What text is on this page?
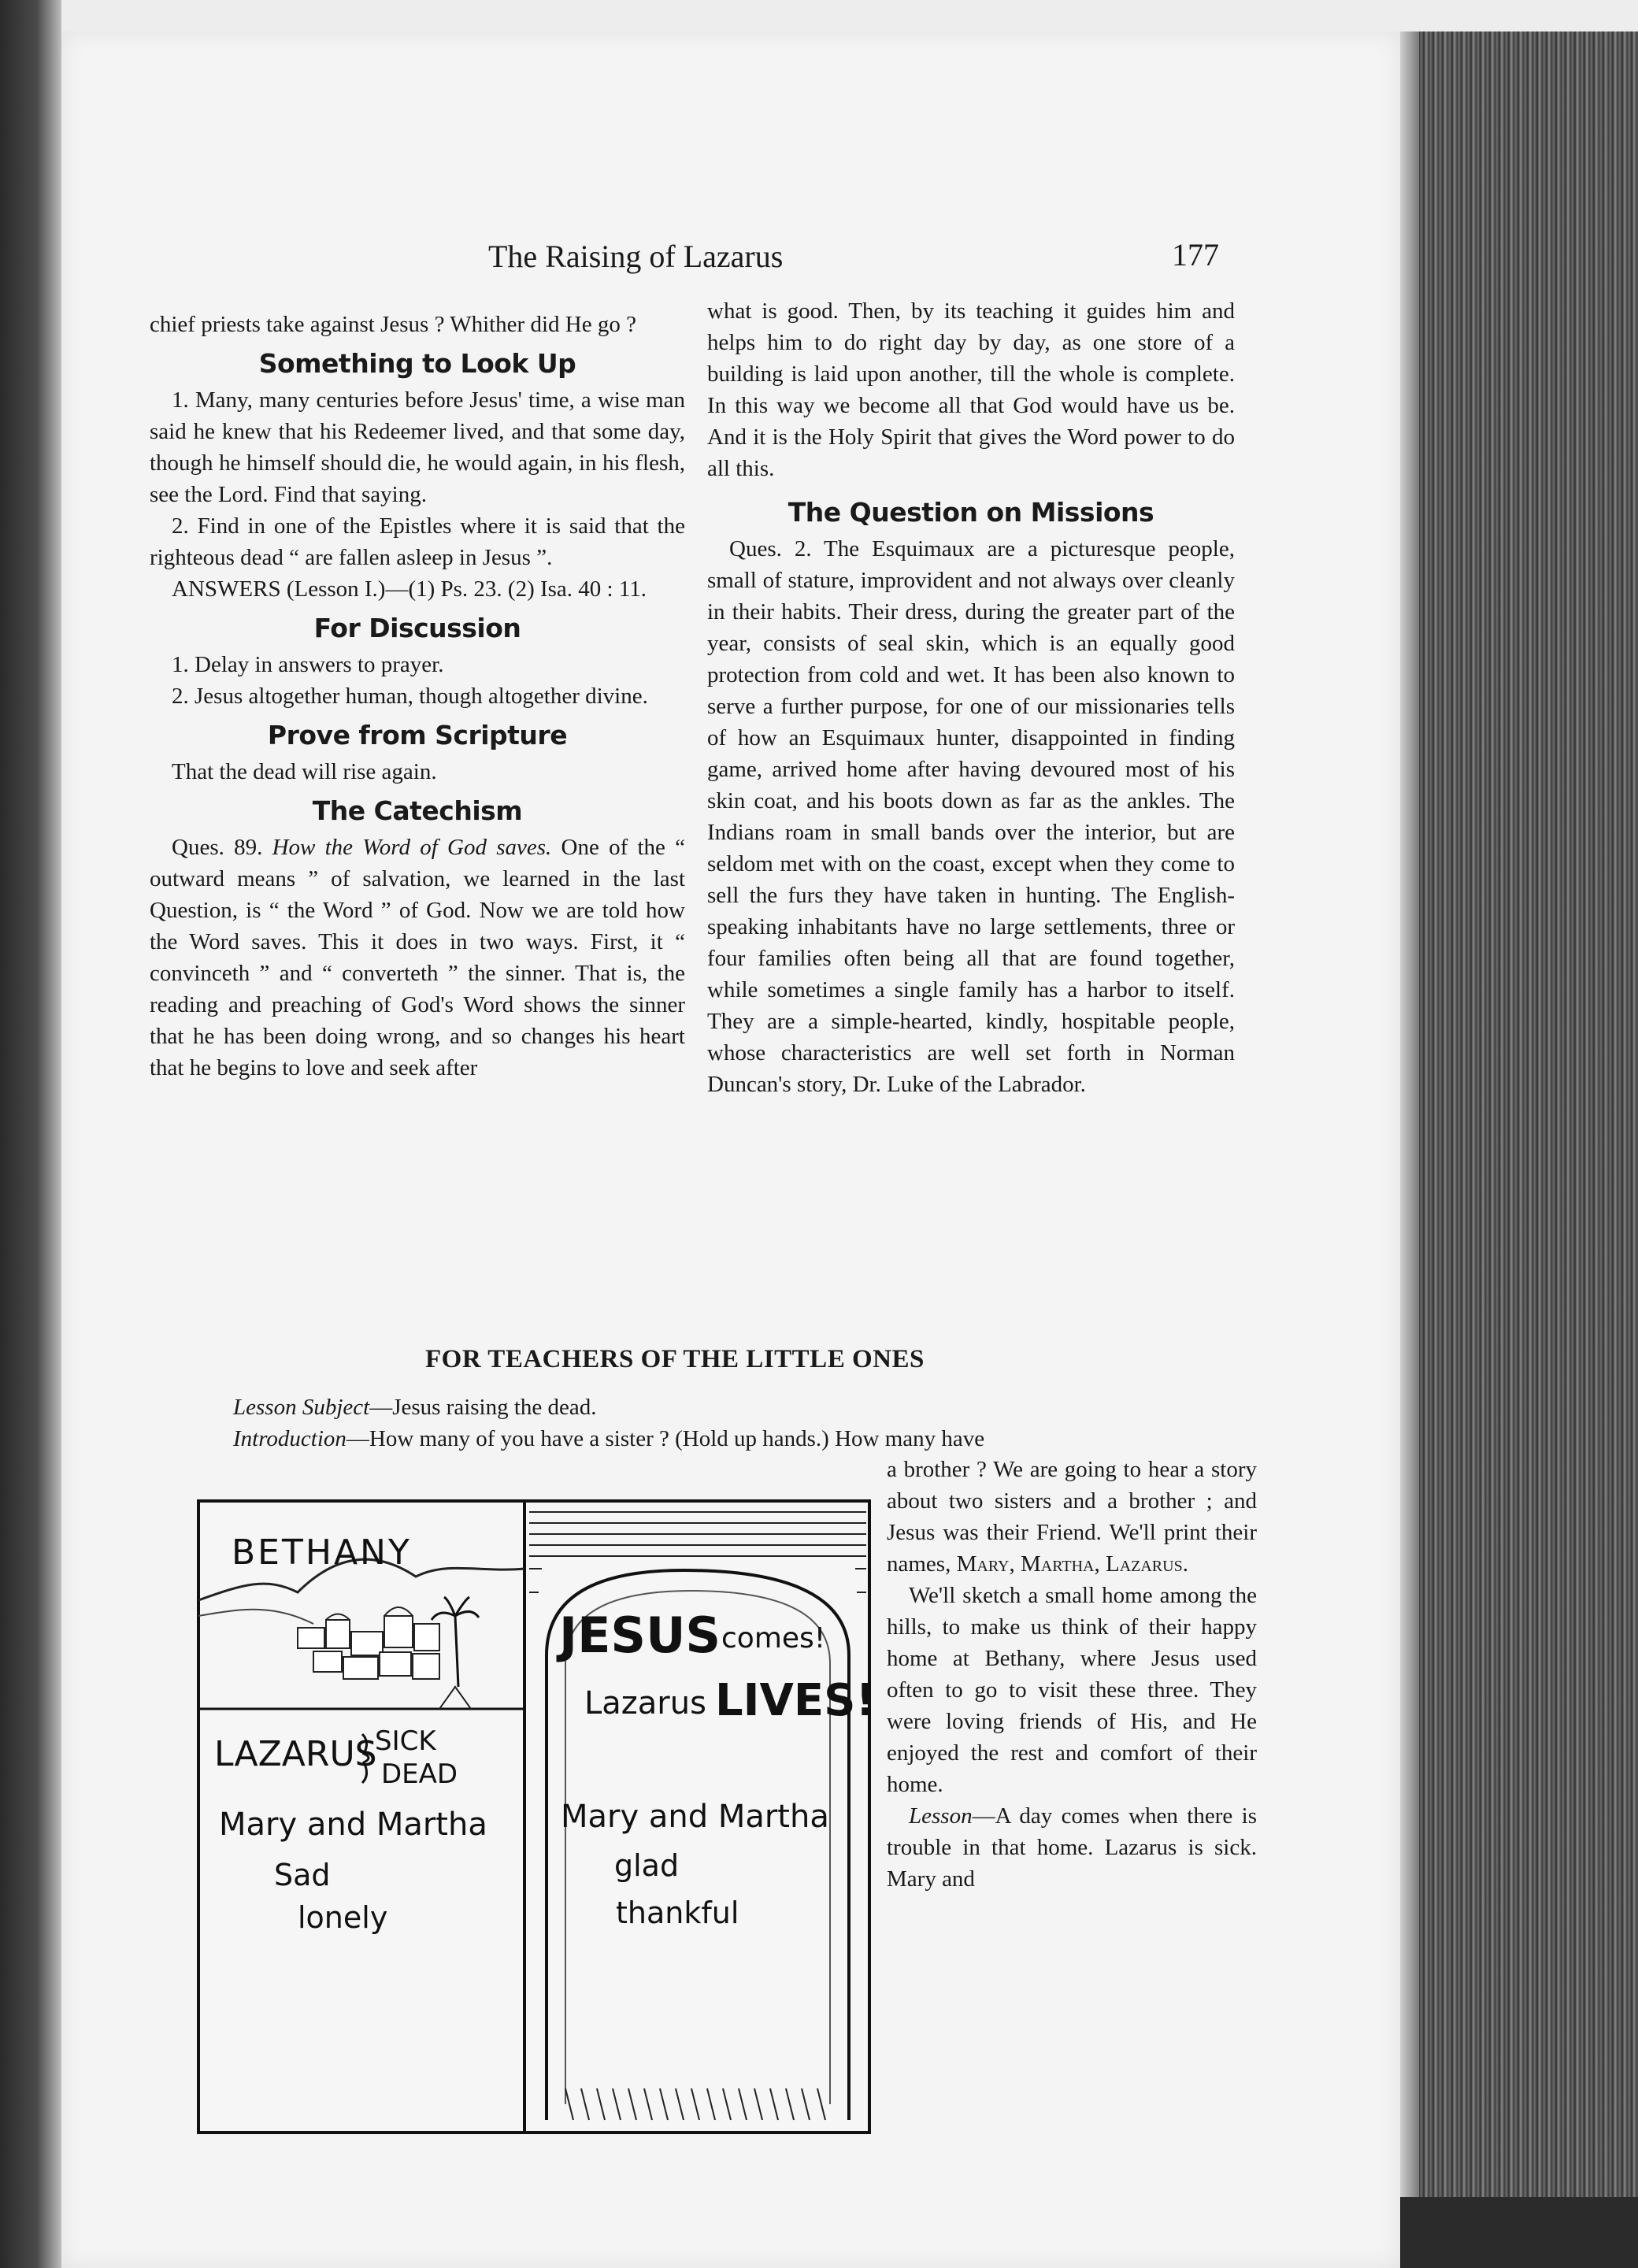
The Raising of Lazarus	177

chief priests take against Jesus ? Whither did He go ?

Something to Look Up

1. Many, many centuries before Jesus' time, a wise man said he knew that his Redeemer lived, and that some day, though he himself should die, he would again, in his flesh, see the Lord. Find that saying.

2. Find in one of the Epistles where it is said that the righteous dead “ are fallen asleep in Jesus ”.

ANSWERS (Lesson I.)—(1) Ps. 23. (2) Isa. 40 : 11.

For Discussion

1. Delay in answers to prayer.

2. Jesus altogether human, though altogether divine.

Prove from Scripture

That the dead will rise again.

The Catechism

Ques. 89. How the Word of God saves. One of the “ outward means ” of salvation, we learned in the last Question, is “ the Word ” of God. Now we are told how the Word saves. This it does in two ways. First, it “ convinceth ” and “ converteth ” the sinner. That is, the reading and preaching of God's Word shows the sinner that he has been doing wrong, and so changes his heart that he begins to love and seek after

what is good. Then, by its teaching it guides him and helps him to do right day by day, as one store of a building is laid upon another, till the whole is complete. In this way we become all that God would have us be. And it is the Holy Spirit that gives the Word power to do all this.

The Question on Missions

Ques. 2. The Esquimaux are a picturesque people, small of stature, improvident and not always over cleanly in their habits. Their dress, during the greater part of the year, consists of seal skin, which is an equally good protection from cold and wet. It has been also known to serve a further purpose, for one of our missionaries tells of how an Esquimaux hunter, disappointed in finding game, arrived home after having devoured most of his skin coat, and his boots down as far as the ankles. The Indians roam in small bands over the interior, but are seldom met with on the coast, except when they come to sell the furs they have taken in hunting. The English-speaking inhabitants have no large settlements, three or four families often being all that are found together, while sometimes a single family has a harbor to itself. They are a simple-hearted, kindly, hospitable people, whose characteristics are well set forth in Norman Duncan's story, Dr. Luke of the Labrador.

FOR TEACHERS OF THE LITTLE ONES
Lesson Subject—Jesus raising the dead.
Introduction—How many of you have a sister ? (Hold up hands.) How many have

a brother ? We are going to hear a story about two sisters and a brother ; and Jesus was their Friend. We'll print their names, Mary, Martha, Lazarus.

We'll sketch a small home among the hills, to make us think of their happy home at Bethany, where Jesus used often to go to visit these three. They were loving friends of His, and He enjoyed the rest and comfort of their home.

Lesson—A day comes when there is trouble in that home. Lazarus is sick. Mary and

BETHANY
LAZARUS
SICK
DEAD
Mary and Martha
Sad
lonely
JESUS comes!
Lazarus LIVES!
Mary and Martha
glad
thankful
